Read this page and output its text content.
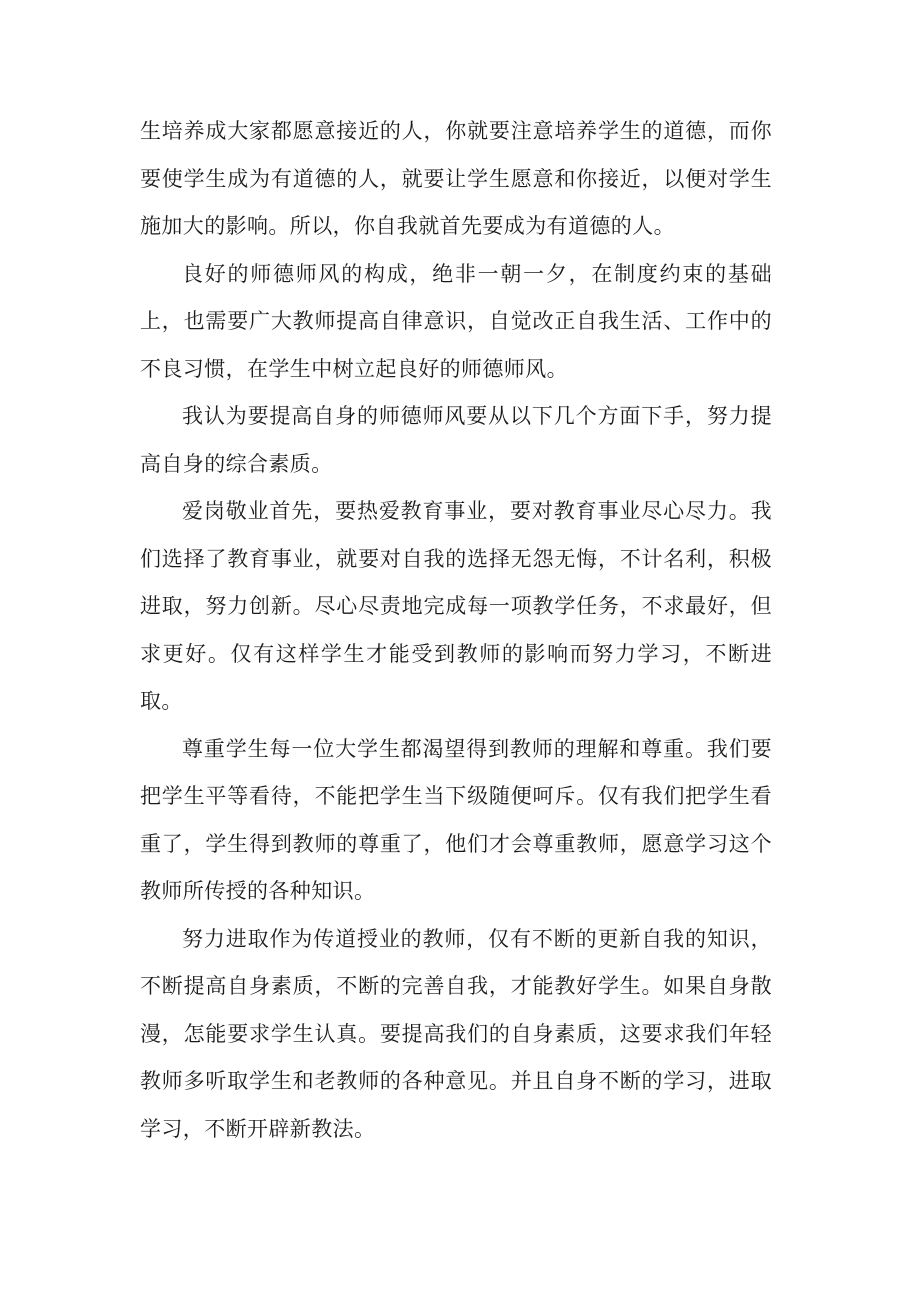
生培养成大家都愿意接近的人，你就要注意培养学生的道德，而你要使学生成为有道德的人，就要让学生愿意和你接近，以便对学生施加大的影响。所以，你自我就首先要成为有道德的人。

良好的师德师风的构成，绝非一朝一夕，在制度约束的基础上，也需要广大教师提高自律意识，自觉改正自我生活、工作中的不良习惯，在学生中树立起良好的师德师风。

我认为要提高自身的师德师风要从以下几个方面下手，努力提高自身的综合素质。

爱岗敬业首先，要热爱教育事业，要对教育事业尽心尽力。我们选择了教育事业，就要对自我的选择无怨无悔，不计名利，积极进取，努力创新。尽心尽责地完成每一项教学任务，不求最好，但求更好。仅有这样学生才能受到教师的影响而努力学习，不断进取。

尊重学生每一位大学生都渴望得到教师的理解和尊重。我们要把学生平等看待，不能把学生当下级随便呵斥。仅有我们把学生看重了，学生得到教师的尊重了，他们才会尊重教师，愿意学习这个教师所传授的各种知识。

努力进取作为传道授业的教师，仅有不断的更新自我的知识，不断提高自身素质，不断的完善自我，才能教好学生。如果自身散漫，怎能要求学生认真。要提高我们的自身素质，这要求我们年轻教师多听取学生和老教师的各种意见。并且自身不断的学习，进取学习，不断开辟新教法。
